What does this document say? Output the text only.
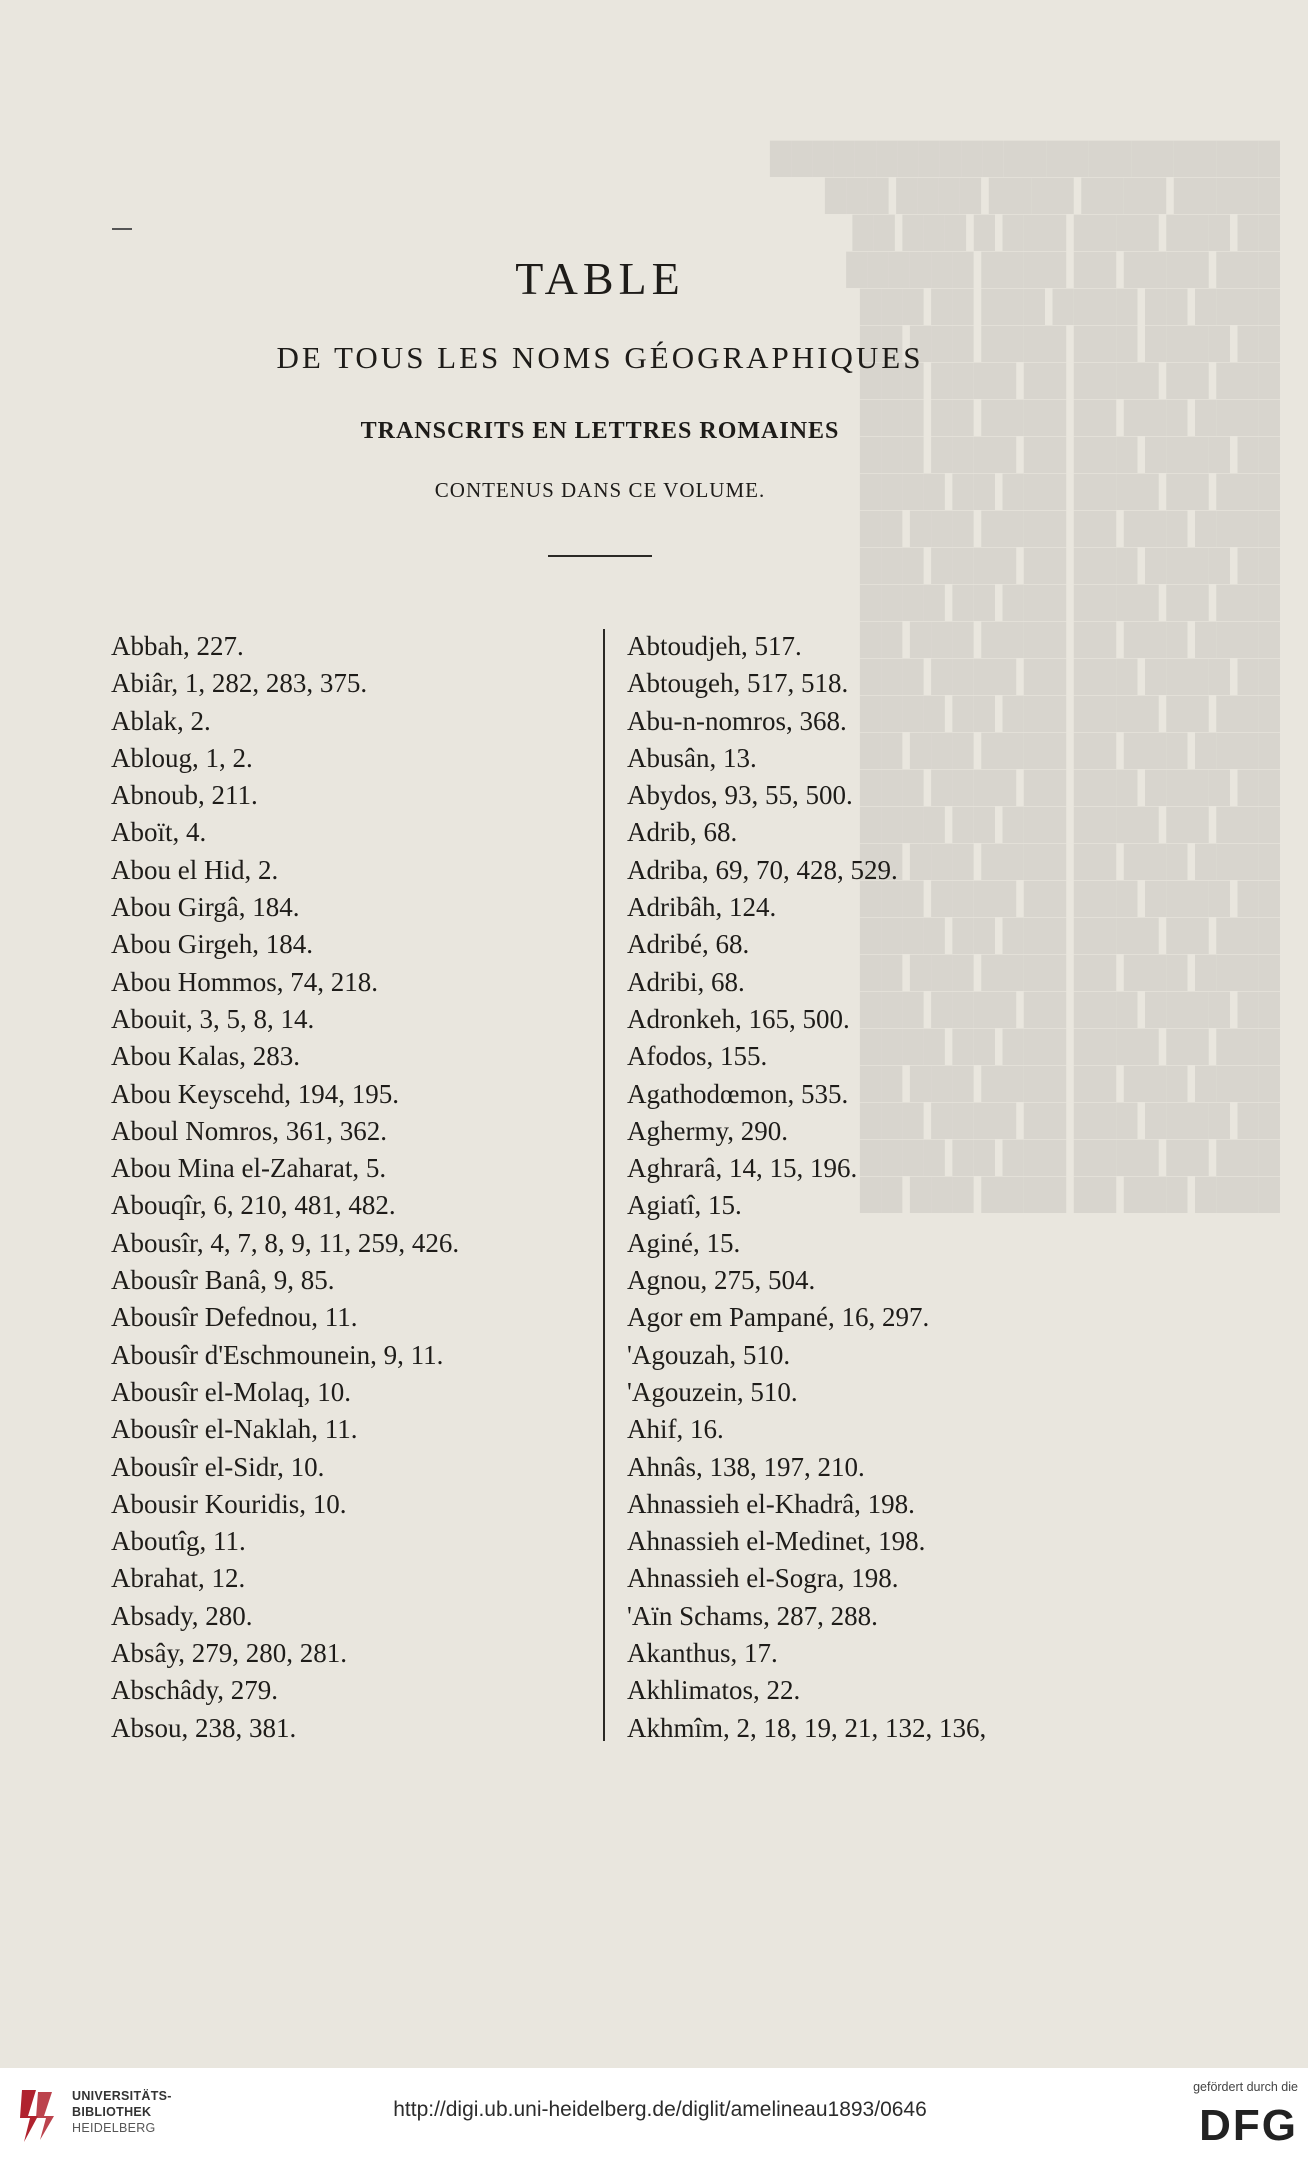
████████████████████████
█████ ████ ████ ████ ███
██ ███ ████ ███ █ ███ ██
███ ████ ██ ████ ██████
████ ██ ████ ███ ██ ███
██ ████ ███ ████ ███ ██
███ ██ ████ ██ ████ ███
████ ███ ██ ████ ██ ███
██ ████ ███ ██ ████ ███
███ ██ ████ ███ ██ ████
████ ███ ██ ████ ███ ██
██ ████ ███ ██ ████ ███
███ ██ ████ ███ ██ ████
████ ███ ██ ████ ███ ██
██ ████ ███ ██ ████ ███
███ ██ ████ ███ ██ ████
████ ███ ██ ████ ███ ██
██ ████ ███ ██ ████ ███
███ ██ ████ ███ ██ ████
████ ███ ██ ████ ███ ██
██ ████ ███ ██ ████ ███
███ ██ ████ ███ ██ ████
████ ███ ██ ████ ███ ██
██ ████ ███ ██ ████ ███
███ ██ ████ ███ ██ ████
████ ███ ██ ████ ███ ██
██ ████ ███ ██ ████ ███
███ ██ ████ ███ ██ ████
████ ███ ██ ████ ███ ██
TABLE
DE TOUS LES NOMS GÉOGRAPHIQUES
TRANSCRITS EN LETTRES ROMAINES
CONTENUS DANS CE VOLUME.
Abbah, 227.
Abiâr, 1, 282, 283, 375.
Ablak, 2.
Abloug, 1, 2.
Abnoub, 211.
Aboït, 4.
Abou el Hid, 2.
Abou Girgâ, 184.
Abou Girgeh, 184.
Abou Hommos, 74, 218.
Abouit, 3, 5, 8, 14.
Abou Kalas, 283.
Abou Keyscehd, 194, 195.
Aboul Nomros, 361, 362.
Abou Mina el-Zaharat, 5.
Abouqîr, 6, 210, 481, 482.
Abousîr, 4, 7, 8, 9, 11, 259, 426.
Abousîr Banâ, 9, 85.
Abousîr Defednou, 11.
Abousîr d'Eschmounein, 9, 11.
Abousîr el-Molaq, 10.
Abousîr el-Naklah, 11.
Abousîr el-Sidr, 10.
Abousir Kouridis, 10.
Aboutîg, 11.
Abrahat, 12.
Absady, 280.
Absây, 279, 280, 281.
Abschâdy, 279.
Absou, 238, 381.
Abtoudjeh, 517.
Abtougeh, 517, 518.
Abu-n-nomros, 368.
Abusân, 13.
Abydos, 93, 55, 500.
Adrib, 68.
Adriba, 69, 70, 428, 529.
Adribâh, 124.
Adribé, 68.
Adribi, 68.
Adronkeh, 165, 500.
Afodos, 155.
Agathodœmon, 535.
Aghermy, 290.
Aghrarâ, 14, 15, 196.
Agiatî, 15.
Aginé, 15.
Agnou, 275, 504.
Agor em Pampané, 16, 297.
'Agouzah, 510.
'Agouzein, 510.
Ahif, 16.
Ahnâs, 138, 197, 210.
Ahnassieh el-Khadrâ, 198.
Ahnassieh el-Medinet, 198.
Ahnassieh el-Sogra, 198.
'Aïn Schams, 287, 288.
Akanthus, 17.
Akhlimatos, 22.
Akhmîm, 2, 18, 19, 21, 132, 136,
UNIVERSITÄTS-
BIBLIOTHEK
HEIDELBERG
http://digi.ub.uni-heidelberg.de/diglit/amelineau1893/0646
gefördert durch die
DFG
